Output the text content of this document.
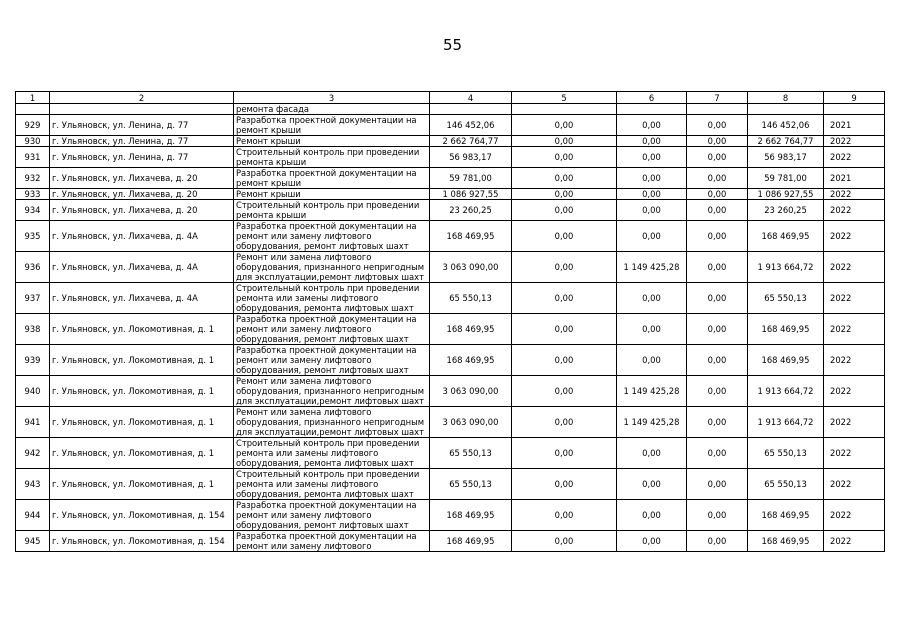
55
1	2	3	4	5	6	7	8	9
		ремонта фасада						
929	г. Ульяновск, ул. Ленина, д. 77	Разработка проектной документации на ремонт крыши	146 452,06	0,00	0,00	0,00	146 452,06	2021
930	г. Ульяновск, ул. Ленина, д. 77	Ремонт крыши	2 662 764,77	0,00	0,00	0,00	2 662 764,77	2022
931	г. Ульяновск, ул. Ленина, д. 77	Строительный контроль при проведении ремонта крыши	56 983,17	0,00	0,00	0,00	56 983,17	2022
932	г. Ульяновск, ул. Лихачева, д. 20	Разработка проектной документации на ремонт крыши	59 781,00	0,00	0,00	0,00	59 781,00	2021
933	г. Ульяновск, ул. Лихачева, д. 20	Ремонт крыши	1 086 927,55	0,00	0,00	0,00	1 086 927,55	2022
934	г. Ульяновск, ул. Лихачева, д. 20	Строительный контроль при проведении ремонта крыши	23 260,25	0,00	0,00	0,00	23 260,25	2022
935	г. Ульяновск, ул. Лихачева, д. 4А	Разработка проектной документации на ремонт или замену лифтового оборудования, ремонт лифтовых шахт	168 469,95	0,00	0,00	0,00	168 469,95	2022
936	г. Ульяновск, ул. Лихачева, д. 4А	Ремонт или замена лифтового оборудования, признанного непригодным для эксплуатации,ремонт лифтовых шахт	3 063 090,00	0,00	1 149 425,28	0,00	1 913 664,72	2022
937	г. Ульяновск, ул. Лихачева, д. 4А	Строительный контроль при проведении ремонта или замены лифтового оборудования, ремонта лифтовых шахт	65 550,13	0,00	0,00	0,00	65 550,13	2022
938	г. Ульяновск, ул. Локомотивная, д. 1	Разработка проектной документации на ремонт или замену лифтового оборудования, ремонт лифтовых шахт	168 469,95	0,00	0,00	0,00	168 469,95	2022
939	г. Ульяновск, ул. Локомотивная, д. 1	Разработка проектной документации на ремонт или замену лифтового оборудования, ремонт лифтовых шахт	168 469,95	0,00	0,00	0,00	168 469,95	2022
940	г. Ульяновск, ул. Локомотивная, д. 1	Ремонт или замена лифтового оборудования, признанного непригодным для эксплуатации,ремонт лифтовых шахт	3 063 090,00	0,00	1 149 425,28	0,00	1 913 664,72	2022
941	г. Ульяновск, ул. Локомотивная, д. 1	Ремонт или замена лифтового оборудования, признанного непригодным для эксплуатации,ремонт лифтовых шахт	3 063 090,00	0,00	1 149 425,28	0,00	1 913 664,72	2022
942	г. Ульяновск, ул. Локомотивная, д. 1	Строительный контроль при проведении ремонта или замены лифтового оборудования, ремонта лифтовых шахт	65 550,13	0,00	0,00	0,00	65 550,13	2022
943	г. Ульяновск, ул. Локомотивная, д. 1	Строительный контроль при проведении ремонта или замены лифтового оборудования, ремонта лифтовых шахт	65 550,13	0,00	0,00	0,00	65 550,13	2022
944	г. Ульяновск, ул. Локомотивная, д. 154	Разработка проектной документации на ремонт или замену лифтового оборудования, ремонт лифтовых шахт	168 469,95	0,00	0,00	0,00	168 469,95	2022
945	г. Ульяновск, ул. Локомотивная, д. 154	Разработка проектной документации на ремонт или замену лифтового	168 469,95	0,00	0,00	0,00	168 469,95	2022
